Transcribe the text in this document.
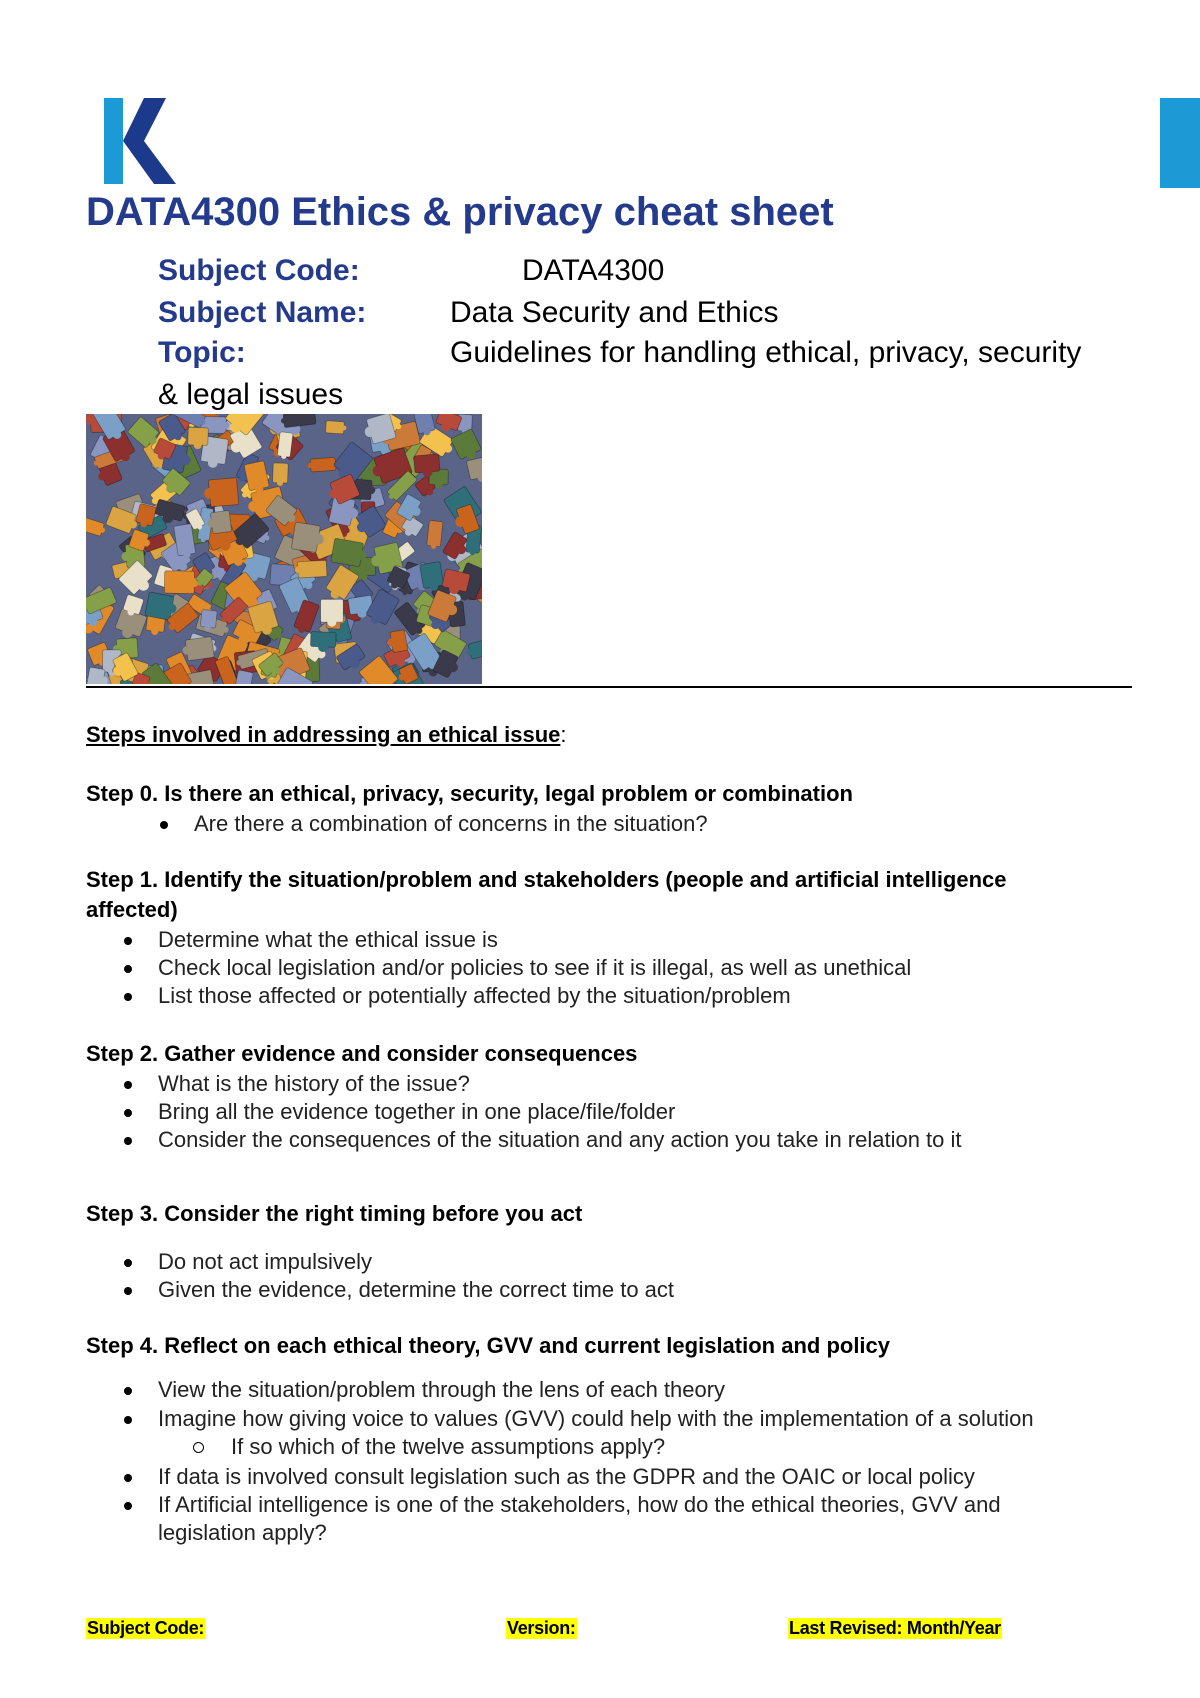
DATA4300 Ethics & privacy cheat sheet
Subject Code:	DATA4300
Subject Name:	Data Security and Ethics
Topic:	Guidelines for handling ethical, privacy, security
& legal issues
Steps involved in addressing an ethical issue:
Step 0. Is there an ethical, privacy, security, legal problem or combination
Are there a combination of concerns in the situation?
Step 1. Identify the situation/problem and stakeholders (people and artificial intelligence
affected)
Determine what the ethical issue is
Check local legislation and/or policies to see if it is illegal, as well as unethical
List those affected or potentially affected by the situation/problem
Step 2. Gather evidence and consider consequences
What is the history of the issue?
Bring all the evidence together in one place/file/folder
Consider the consequences of the situation and any action you take in relation to it
Step 3. Consider the right timing before you act
Do not act impulsively
Given the evidence, determine the correct time to act
Step 4. Reflect on each ethical theory, GVV and current legislation and policy
View the situation/problem through the lens of each theory
Imagine how giving voice to values (GVV) could help with the implementation of a solution
If so which of the twelve assumptions apply?
If data is involved consult legislation such as the GDPR and the OAIC or local policy
If Artificial intelligence is one of the stakeholders, how do the ethical theories, GVV and
legislation apply?
Subject Code:	Version:	Last Revised: Month/Year
